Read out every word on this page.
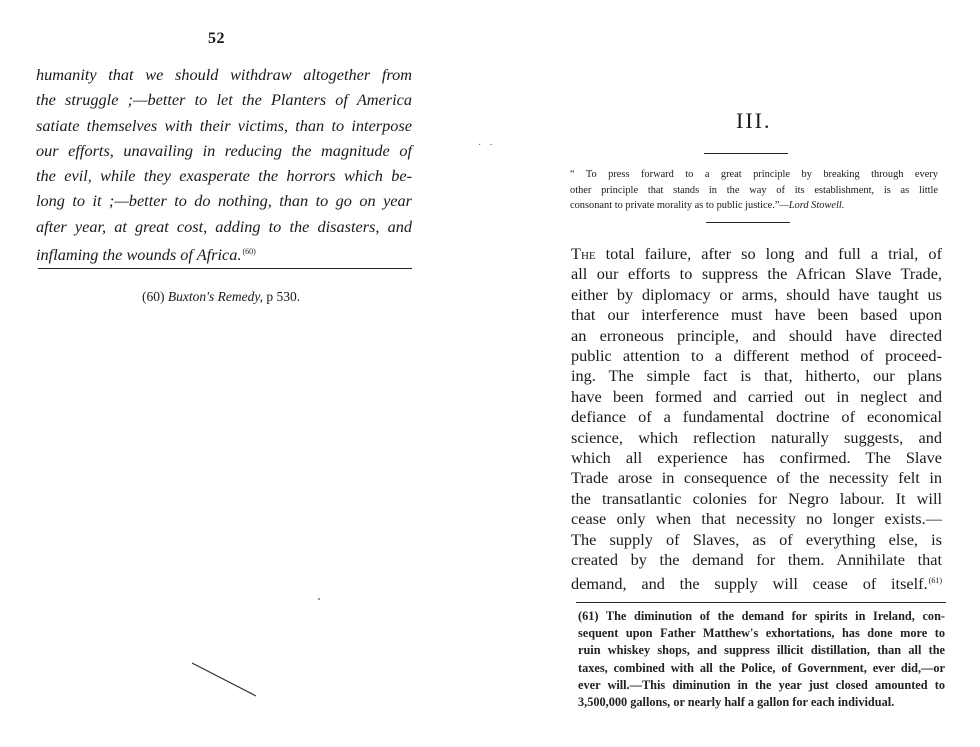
52

humanity that we should withdraw altogether from
the struggle ;—better to let the Planters of America
satiate themselves with their victims, than to interpose
our efforts, unavailing in reducing the magnitude of
the evil, while they exasperate the horrors which be-
long to it ;—better to do nothing, than to go on year
after year, at great cost, adding to the disasters, and
inflaming the wounds of Africa.$^{(60)}$

(60) Buxton's Remedy, p 530.
··
III.

“ To press forward to a great principle by breaking through every
other principle that stands in the way of its establishment, is as little
consonant to private morality as to public justice.”—Lord Stowell.

The total failure, after so long and full a trial, of
all our efforts to suppress the African Slave Trade,
either by diplomacy or arms, should have taught us
that our interference must have been based upon
an erroneous principle, and should have directed
public attention to a different method of proceed-
ing. The simple fact is that, hitherto, our plans
have been formed and carried out in neglect and
defiance of a fundamental doctrine of economical
science, which reflection naturally suggests, and
which all experience has confirmed. The Slave
Trade arose in consequence of the necessity felt in
the transatlantic colonies for Negro labour. It will
cease only when that necessity no longer exists.—
The supply of Slaves, as of everything else, is
created by the demand for them. Annihilate that
demand, and the supply will cease of itself.$^{(61)}$

(61) The diminution of the demand for spirits in Ireland, con-
sequent upon Father Matthew's exhortations, has done more to
ruin whiskey shops, and suppress illicit distillation, than all the
taxes, combined with all the Police, of Government, ever did,—or
ever will.—This diminution in the year just closed amounted to
3,500,000 gallons, or nearly half a gallon for each individual.
